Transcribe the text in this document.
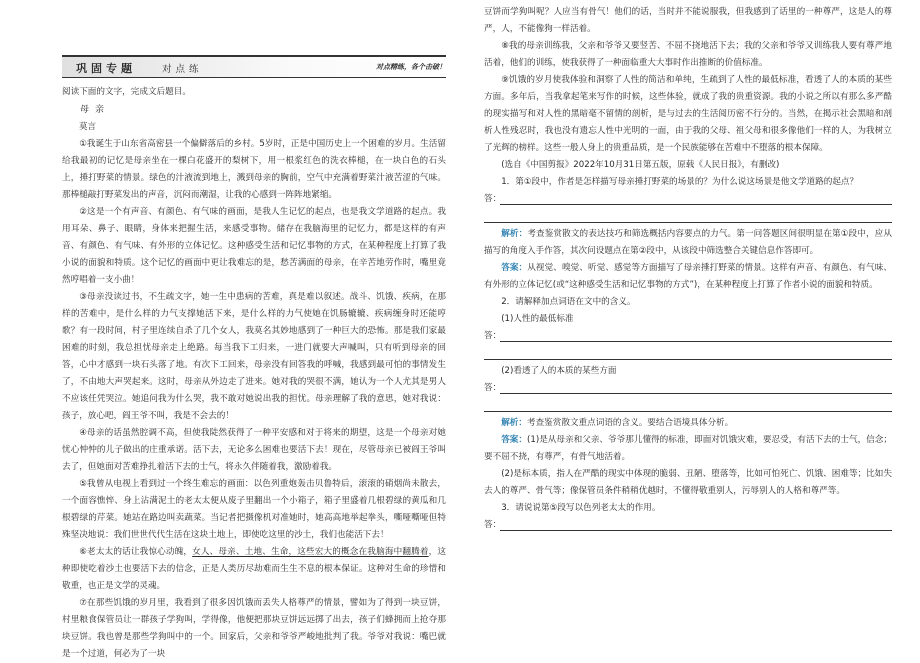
巩固专题	对点练	对点精练，各个击破！

阅读下面的文字，完成文后题目。

母亲

莫言

①我诞生于山东省高密县一个偏僻落后的乡村。5岁时，正是中国历史上一个困难的岁月。生活留给我最初的记忆是母亲坐在一棵白花盛开的梨树下，用一根浆红色的洗衣棒槌，在一块白色的石头上，捶打野菜的情景。绿色的汁液流到地上，溅到母亲的胸前，空气中充满着野菜汁液苦涩的气味。那棒槌敲打野菜发出的声音，沉闷而潮湿，让我的心感到一阵阵地紧缩。

②这是一个有声音、有颜色、有气味的画面，是我人生记忆的起点，也是我文学道路的起点。我用耳朵、鼻子、眼睛，身体来把握生活，来感受事物。储存在我脑海里的记忆力，都是这样的有声音、有颜色、有气味、有外形的立体记忆。这种感受生活和记忆事物的方式，在某种程度上打算了我小说的面貌和特质。这个记忆的画面中更让我难忘的是，愁苦满面的母亲，在辛苦地劳作时，嘴里竟然哼唱着一支小曲！

③母亲没读过书，不生疏文字，她一生中患病的苦难，真是难以叙述。战斗、饥饿、疾病，在那样的苦难中，是什么样的力气支撑她活下来，是什么样的力气使她在饥肠辘辘、疾病缠身时还能哼歌？有一段时间，村子里连续自杀了几个女人，我莫名其妙地感到了一种巨大的恐怖。那是我们家最困难的时刻，我总担忧母亲走上绝路。每当我下工归来，一进门就要大声喊叫，只有听到母亲的回答，心中才感到一块石头落了地。有次下工回来，母亲没有回答我的呼喊，我感到最可怕的事情发生了，不由地大声哭起来。这时，母亲从外边走了进来。她对我的哭很不满，她认为一个人尤其是男人不应该任凭哭泣。她追问我为什么哭，我不敢对她说出我的担忧。母亲理解了我的意思，她对我说：孩子，放心吧，阎王爷不叫，我是不会去的！

④母亲的话虽然腔调不高，但使我陡然获得了一种平安感和对于将来的期望，这是一个母亲对她忧心忡忡的儿子做出的庄重承诺。活下去，无论多么困难也要活下去！现在，尽管母亲已被阎王爷叫去了，但她面对苦难挣扎着活下去的士气，将永久伴随着我，激励着我。

⑤我曾从电视上看到过一个终生难忘的画面：以色列重炮轰击贝鲁特后，滚滚的硝烟尚未散去，一个面容憔悴、身上沾满泥土的老太太便从废子里翻出一个小箱子，箱子里盛着几根碧绿的黄瓜和几根碧绿的芹菜。她站在路边叫卖蔬菜。当记者把摄像机对准她时，她高高地举起拳头，嘶哑嘶哑但特殊坚决地说：我们世世代代生活在这块土地上，即使吃这里的沙土，我们也能活下去！

⑥老太太的话让我惊心动魄，女人、母亲、土地、生命，这些宏大的概念在我脑海中翻腾着，这种即使吃着沙土也要活下去的信念，正是人类历尽劫难而生生不息的根本保证。这种对生命的珍惜和敬重，也正是文学的灵魂。

⑦在那些饥饿的岁月里，我看到了很多因饥饿而丢失人格尊严的情景，譬如为了得到一块豆饼，村里粮食保管员让一群孩子学狗叫，学得像，他便把那块豆饼远远掷了出去，孩子们蜂拥而上抢夺那块豆饼。我也曾是那些学狗叫中的一个。回家后，父亲和爷爷严峻地批判了我。爷爷对我说：嘴巴就是一个过道，何必为了一块

豆饼而学狗叫呢？人应当有骨气！他们的话，当时并不能说服我，但我感到了话里的一种尊严，这是人的尊严，人，不能像狗一样活着。

⑧我的母亲训练我，父亲和爷爷又要竖苦、不屈不挠地活下去；我的父亲和爷爷又训练我人要有尊严地活着，他们的训练，使我获得了一种面临重大大事时作出推断的价值标准。

⑨饥饿的岁月使我体验和洞察了人性的简洁和单纯，生疏到了人性的最低标准，看透了人的本质的某些方面。多年后，当我拿起笔来写作的时候，这些体验，就成了我的贵重资源。我的小说之所以有那么多严酷的现实描写和对人性的黑暗毫不留情的剖析，是与过去的生活阅历密不行分的。当然，在揭示社会黑暗和剖析人性残忍时，我也没有遗忘人性中光明的一面，由于我的父母、祖父母和很多像他们一样的人，为我树立了光辉的榜样。这些一般人身上的贵重品质，是一个民族能够在苦难中不堕落的根本保障。

(选自《中国剪报》2022年10月31日第五版，原载《人民日报》，有删改)

1．第①段中，作者是怎样描写母亲捶打野菜的场景的？为什么说这场景是他文学道路的起点？

答：

解析：考查鉴赏散文的表达技巧和筛选概括内容要点的力气。第一问答题区间很明显在第①段中，应从描写的角度入手作答，其次问设题点在第②段中，从该段中筛选整合关键信息作答即可。

答案：从视觉、嗅觉、听觉、感觉等方面描写了母亲捶打野菜的情景。这样有声音、有颜色、有气味、有外形的立体记忆(或“这种感受生活和记忆事物的方式”)，在某种程度上打算了作者小说的面貌和特质。

2．请解释加点词语在文中的含义。

(1)人性的最低标准

答：

(2)看透了人的本质的某些方面

答：

解析：考查鉴赏散文重点词语的含义。要结合语境具体分析。

答案：(1)是从母亲和父亲、爷爷那儿懂得的标准，即面对饥饿灾难，要忍受，有活下去的士气，信念；要不屈不挠，有尊严，有骨气地活着。

(2)是标本质，指人在严酷的现实中体现的脆弱、丑陋、堕落等，比如可怕死亡、饥饿、困难等；比如失去人的尊严、骨气等；像保管员条件稍稍优越时，不懂得敬重别人，污辱别人的人格和尊严等。

3．请说说第⑤段写以色列老太太的作用。

答：
